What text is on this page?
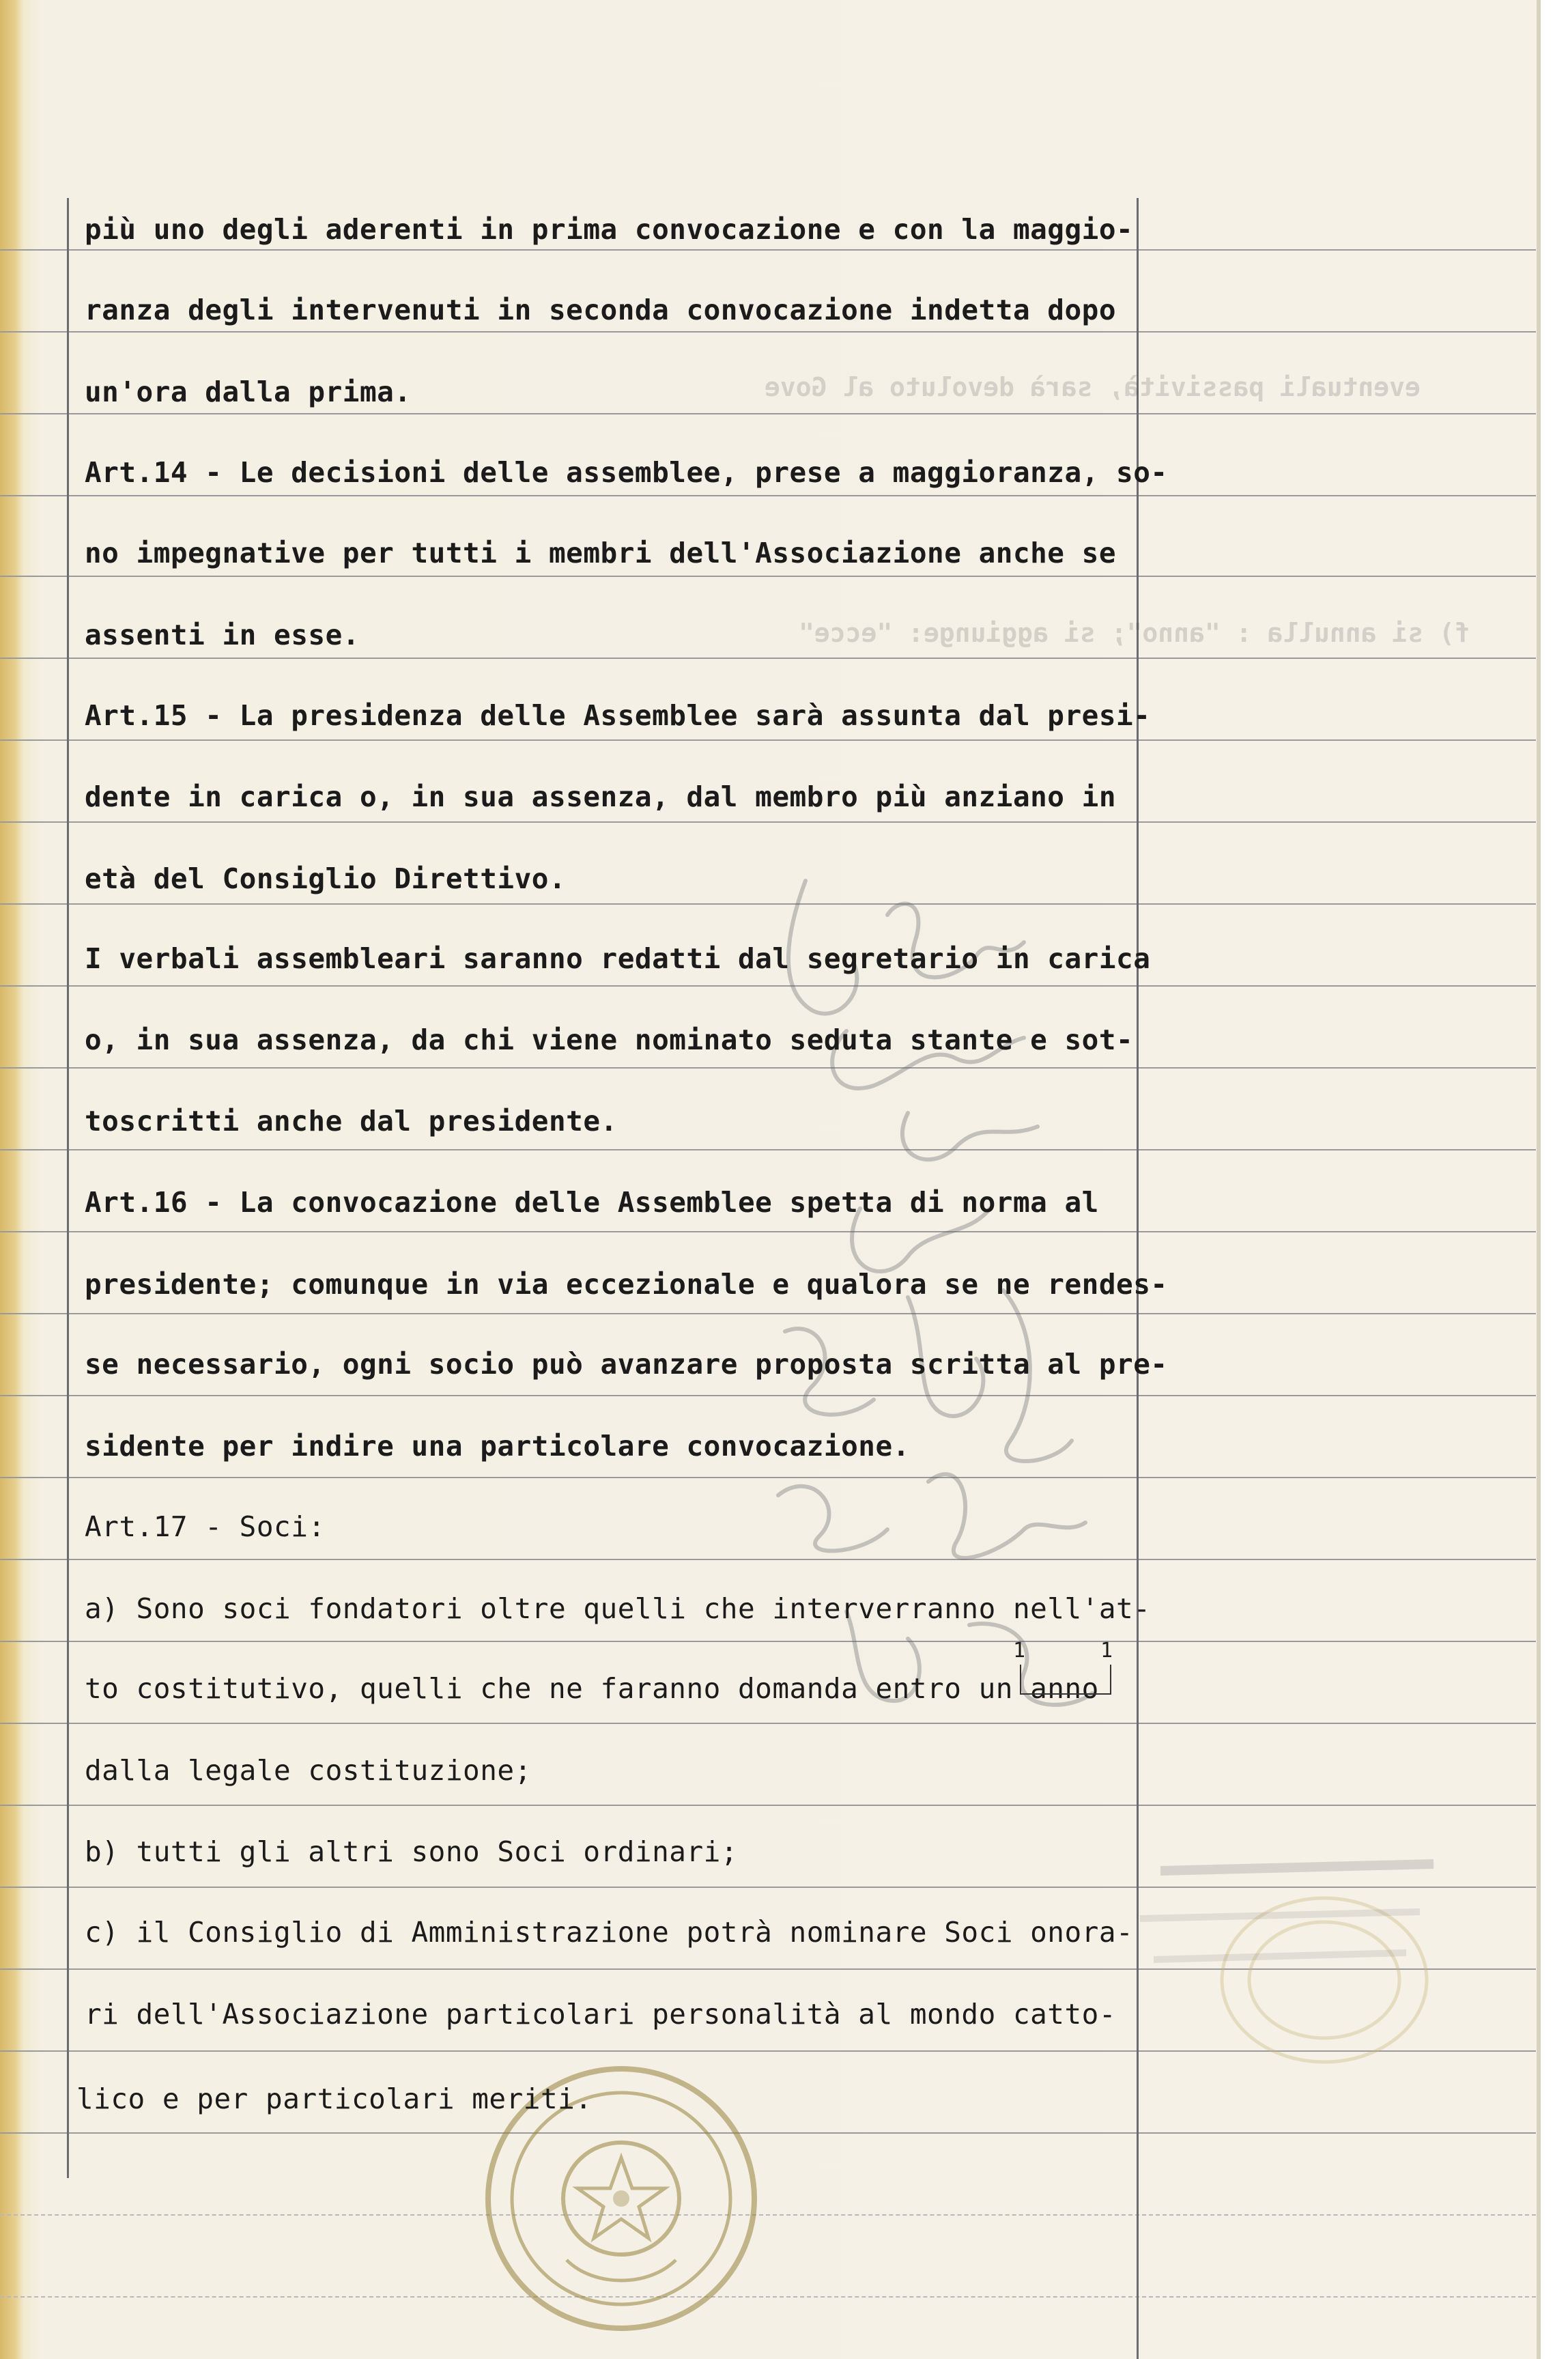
eventuali passività, sarà devoluto al Gove
f) si annulla : "anno"; si aggiunge: "ecce"
più uno degli aderenti in prima convocazione e con la maggio-
ranza degli intervenuti in seconda convocazione indetta dopo
un'ora dalla prima.
Art.14 - Le decisioni delle assemblee, prese a maggioranza, so-
no impegnative per tutti i membri dell'Associazione anche se
assenti in esse.
Art.15 - La presidenza delle Assemblee sarà assunta dal presi-
dente in carica o, in sua assenza, dal membro più anziano in
età del Consiglio Direttivo.
I verbali assembleari saranno redatti dal segretario in carica
o, in sua assenza, da chi viene nominato seduta stante e sot-
toscritti anche dal presidente.
Art.16 - La convocazione delle Assemblee spetta di norma al
presidente; comunque in via eccezionale e qualora se ne rendes-
se necessario, ogni socio può avanzare proposta scritta al pre-
sidente per indire una particolare convocazione.
Art.17 - Soci:
a) Sono soci fondatori oltre quelli che interverranno nell'at-
to costitutivo, quelli che ne faranno domanda entro un anno
dalla legale costituzione;
b) tutti gli altri sono Soci ordinari;
c) il Consiglio di Amministrazione potrà nominare Soci onora-
ri dell'Associazione particolari personalità al mondo catto-
lico e per particolari meriti.
1	1
